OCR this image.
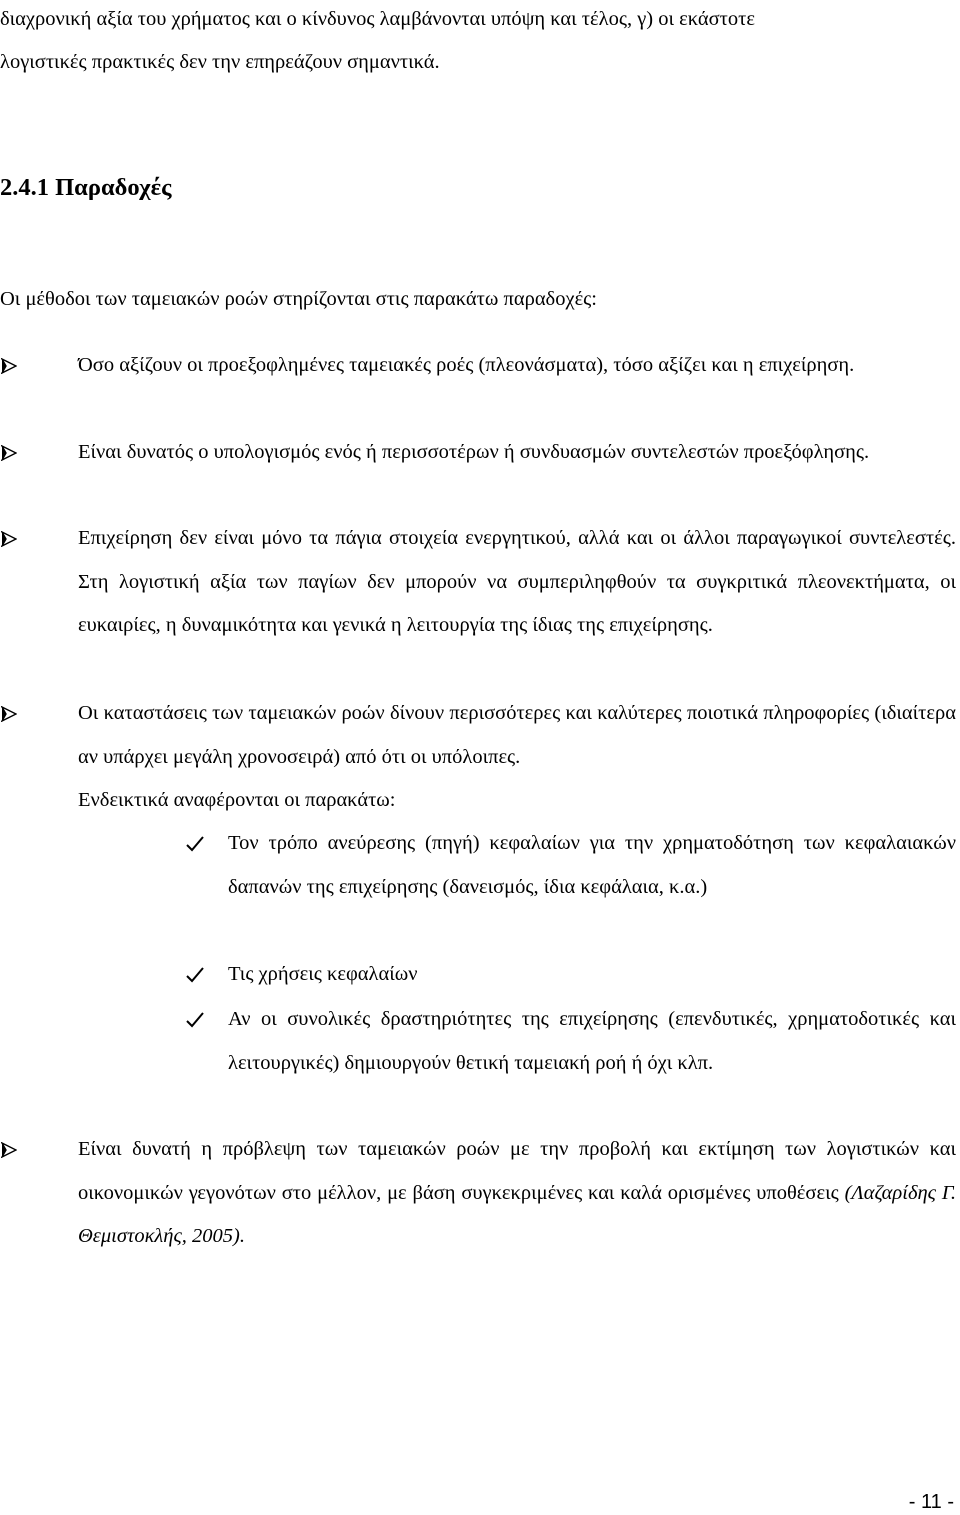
διαχρονική αξία του χρήματος και ο κίνδυνος λαμβάνονται υπόψη και τέλος, γ) οι εκάστοτε

λογιστικές πρακτικές δεν την επηρεάζουν σημαντικά.

2.4.1 Παραδοχές

Οι μέθοδοι των ταμειακών ροών στηρίζονται στις παρακάτω παραδοχές:

Όσο αξίζουν οι προεξοφλημένες ταμειακές ροές (πλεονάσματα), τόσο αξίζει και η επιχείρηση.
Είναι δυνατός ο υπολογισμός ενός ή περισσοτέρων ή συνδυασμών συντελεστών προεξόφλησης.
Επιχείρηση δεν είναι μόνο τα πάγια στοιχεία ενεργητικού, αλλά και οι άλλοι παραγωγικοί συντελεστές. Στη λογιστική αξία των παγίων δεν μπορούν να συμπεριληφθούν τα συγκριτικά πλεονεκτήματα, οι ευκαιρίες, η δυναμικότητα και γενικά η λειτουργία της ίδιας της επιχείρησης.
Οι καταστάσεις των ταμειακών ροών δίνουν περισσότερες και καλύτερες ποιοτικά πληροφορίες (ιδιαίτερα αν υπάρχει μεγάλη χρονοσειρά) από ότι οι υπόλοιπες.
Ενδεικτικά αναφέρονται οι παρακάτω:
Τον τρόπο ανεύρεσης (πηγή) κεφαλαίων για την χρηματοδότηση των κεφαλαιακών δαπανών της επιχείρησης (δανεισμός, ίδια κεφάλαια, κ.α.)
Τις χρήσεις κεφαλαίων
Αν οι συνολικές δραστηριότητες της επιχείρησης (επενδυτικές, χρηματοδοτικές και λειτουργικές) δημιουργούν θετική ταμειακή ροή ή όχι κλπ.
Είναι δυνατή η πρόβλεψη των ταμειακών ροών με την προβολή και εκτίμηση των λογιστικών και οικονομικών γεγονότων στο μέλλον, με βάση συγκεκριμένες και καλά ορισμένες υποθέσεις (Λαζαρίδης Γ. Θεμιστοκλής, 2005).
- 11 -
